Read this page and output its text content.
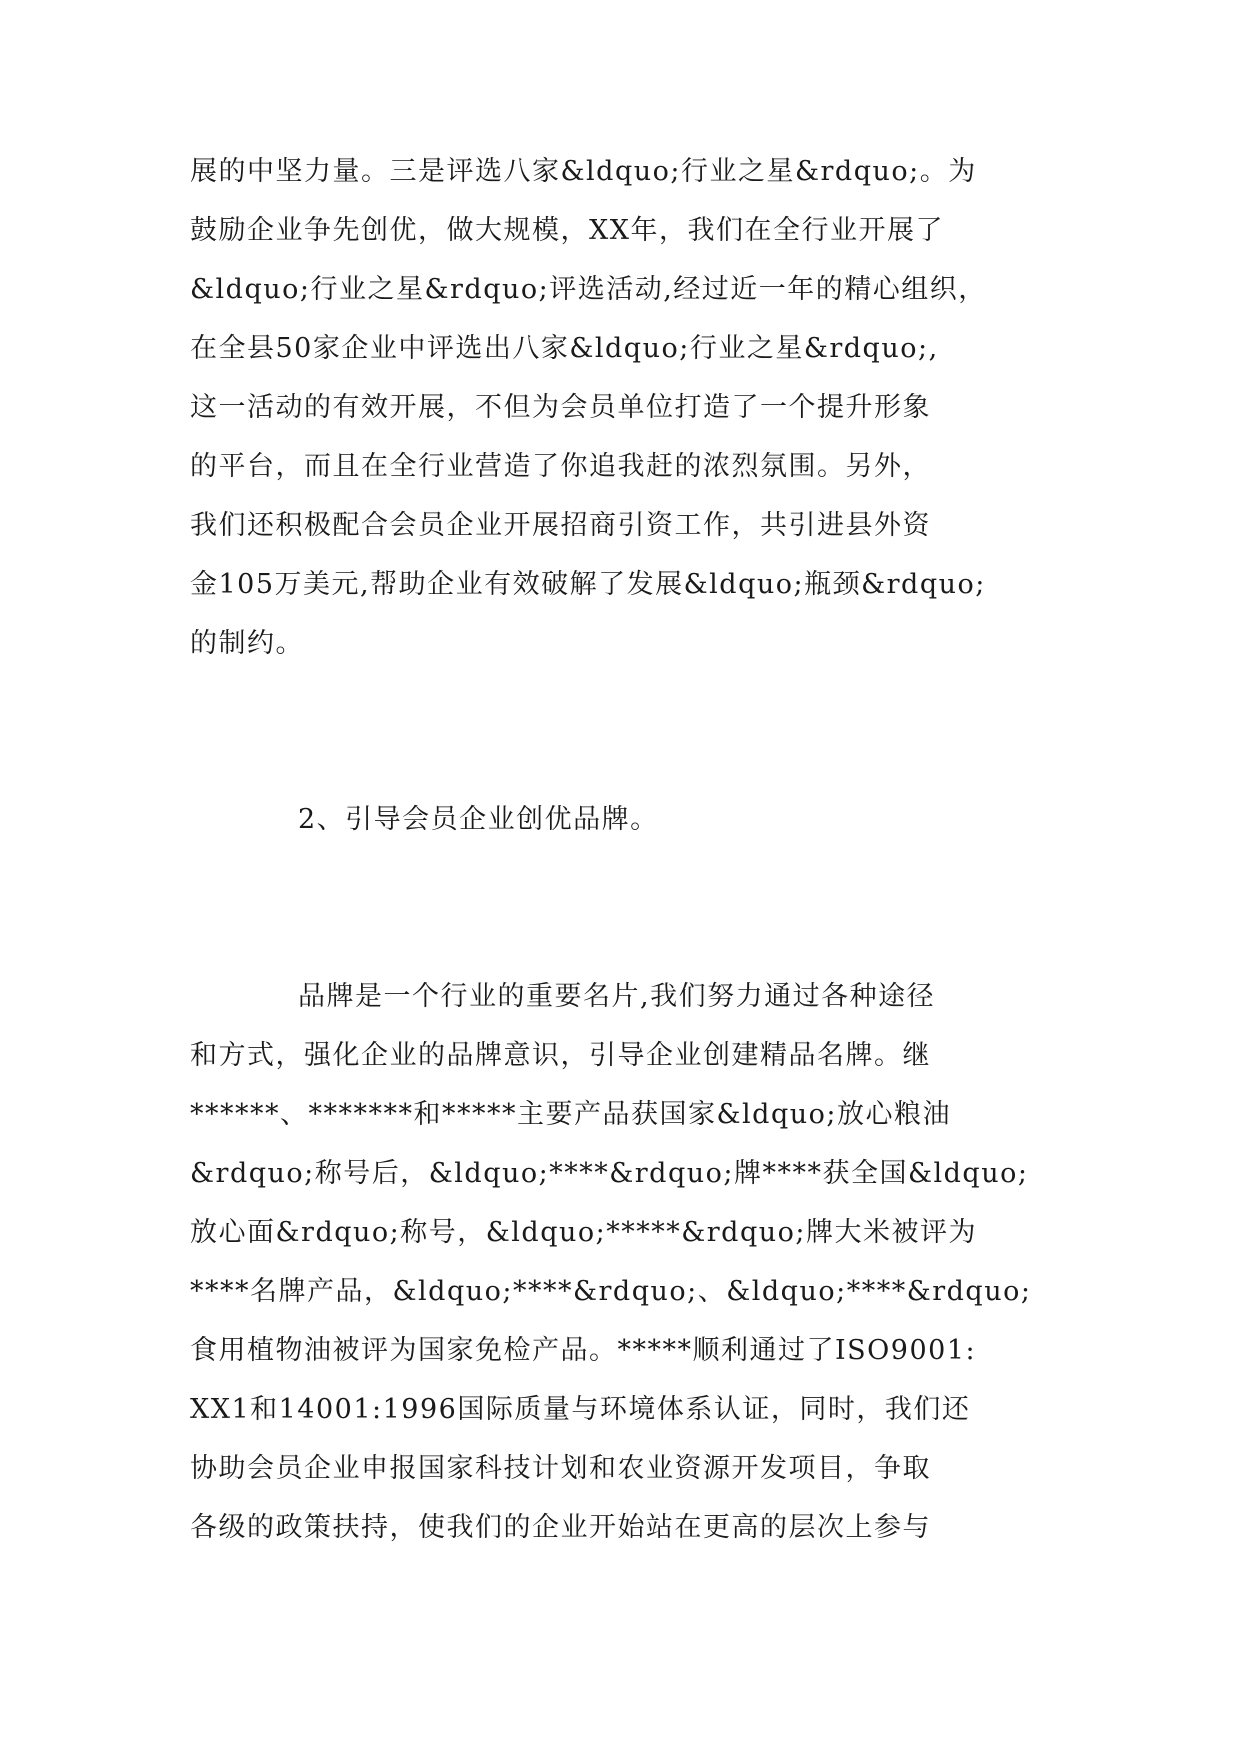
展的中坚力量。三是评选八家&ldquo;行业之星&rdquo;。为
鼓励企业争先创优，做大规模，XX年，我们在全行业开展了
&ldquo;行业之星&rdquo;评选活动,经过近一年的精心组织，
在全县50家企业中评选出八家&ldquo;行业之星&rdquo;,
这一活动的有效开展，不但为会员单位打造了一个提升形象
的平台，而且在全行业营造了你追我赶的浓烈氛围。另外，
我们还积极配合会员企业开展招商引资工作，共引进县外资
金105万美元,帮助企业有效破解了发展&ldquo;瓶颈&rdquo;
的制约。
2、引导会员企业创优品牌。
品牌是一个行业的重要名片,我们努力通过各种途径
和方式，强化企业的品牌意识，引导企业创建精品名牌。继
******、*******和*****主要产品获国家&ldquo;放心粮油
&rdquo;称号后，&ldquo;****&rdquo;牌****获全国&ldquo;
放心面&rdquo;称号，&ldquo;*****&rdquo;牌大米被评为
****名牌产品，&ldquo;****&rdquo;、&ldquo;****&rdquo;
食用植物油被评为国家免检产品。*****顺利通过了ISO9001:
XX1和14001:1996国际质量与环境体系认证，同时，我们还
协助会员企业申报国家科技计划和农业资源开发项目，争取
各级的政策扶持，使我们的企业开始站在更高的层次上参与
